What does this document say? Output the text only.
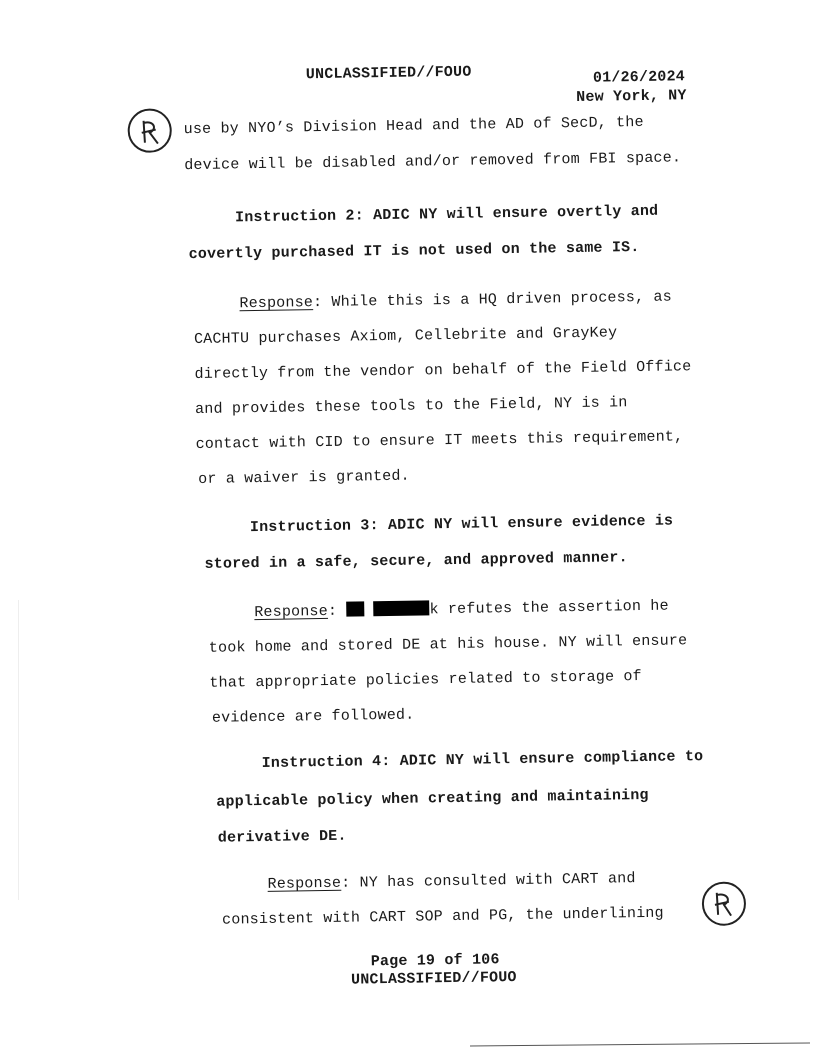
UNCLASSIFIED//FOUO	01/26/2024
New York, NY
use by NYO’s Division Head and the AD of SecD, the
device will be disabled and/or removed from FBI space.
Instruction 2: ADIC NY will ensure overtly and
covertly purchased IT is not used on the same IS.
Response: While this is a HQ driven process, as
CACHTU purchases Axiom, Cellebrite and GrayKey
directly from the vendor on behalf of the Field Office
and provides these tools to the Field, NY is in
contact with CID to ensure IT meets this requirement,
or a waiver is granted.
Instruction 3: ADIC NY will ensure evidence is
stored in a safe, secure, and approved manner.
Response:	k refutes the assertion he
took home and stored DE at his house. NY will ensure
that appropriate policies related to storage of
evidence are followed.
Instruction 4: ADIC NY will ensure compliance to
applicable policy when creating and maintaining
derivative DE.
Response: NY has consulted with CART and
consistent with CART SOP and PG, the underlining
Page 19 of 106
UNCLASSIFIED//FOUO
